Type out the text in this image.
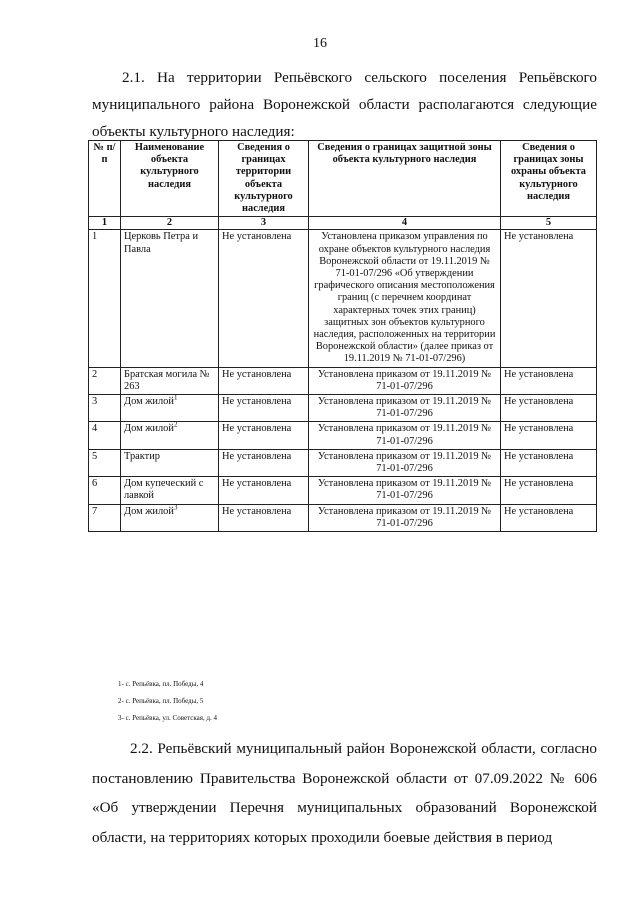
16

2.1. На территории Репьёвского сельского поселения Репьёвского муниципального района Воронежской области располагаются следующие объекты культурного наследия:

№ п/п	Наименование объекта культурного наследия	Сведения о границах территории объекта культурного наследия	Сведения о границах защитной зоны объекта культурного наследия	Сведения о границах зоны охраны объекта культурного наследия
1	2	3	4	5
1	Церковь Петра и Павла	Не установлена	Установлена приказом управления по охране объектов культурного наследия Воронежской области от 19.11.2019 № 71-01-07/296 «Об утверждении графического описания местоположения границ (с перечнем координат характерных точек этих границ) защитных зон объектов культурного наследия, расположенных на территории Воронежской области» (далее приказ от 19.11.2019 № 71-01-07/296)	Не установлена
2	Братская могила № 263	Не установлена	Установлена приказом от 19.11.2019 № 71-01-07/296	Не установлена
3	Дом жилой$^1$	Не установлена	Установлена приказом от 19.11.2019 № 71-01-07/296	Не установлена
4	Дом жилой$^2$	Не установлена	Установлена приказом от 19.11.2019 № 71-01-07/296	Не установлена
5	Трактир	Не установлена	Установлена приказом от 19.11.2019 № 71-01-07/296	Не установлена
6	Дом купеческий с лавкой	Не установлена	Установлена приказом от 19.11.2019 № 71-01-07/296	Не установлена
7	Дом жилой$^3$	Не установлена	Установлена приказом от 19.11.2019 № 71-01-07/296	Не установлена
1- с. Репьёвка, пл. Победы, 4
2- с. Репьёвка, пл. Победы, 5
3- с. Репьёвка, ул. Советская, д. 4

2.2. Репьёвский муниципальный район Воронежской области, согласно постановлению Правительства Воронежской области от 07.09.2022 № 606 «Об утверждении Перечня муниципальных образований Воронежской области, на территориях которых проходили боевые действия в период
